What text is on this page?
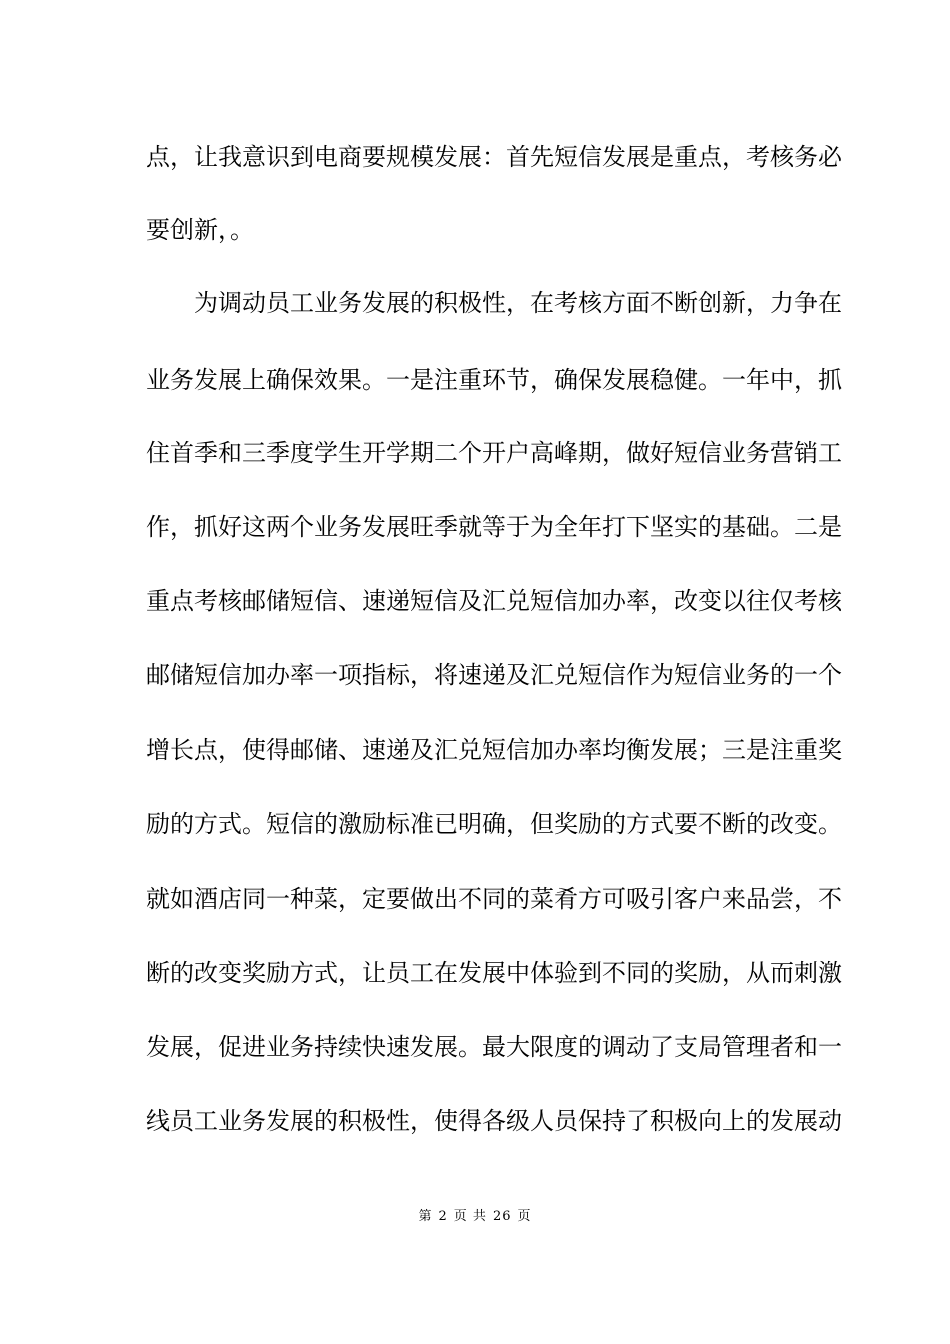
点，让我意识到电商要规模发展：首先短信发展是重点，考核务必
要创新，。
为调动员工业务发展的积极性，在考核方面不断创新，力争在
业务发展上确保效果。一是注重环节，确保发展稳健。一年中，抓
住首季和三季度学生开学期二个开户高峰期，做好短信业务营销工
作，抓好这两个业务发展旺季就等于为全年打下坚实的基础。二是
重点考核邮储短信、速递短信及汇兑短信加办率，改变以往仅考核
邮储短信加办率一项指标，将速递及汇兑短信作为短信业务的一个
增长点，使得邮储、速递及汇兑短信加办率均衡发展；三是注重奖
励的方式。短信的激励标准已明确，但奖励的方式要不断的改变。
就如酒店同一种菜，定要做出不同的菜肴方可吸引客户来品尝，不
断的改变奖励方式，让员工在发展中体验到不同的奖励，从而刺激
发展，促进业务持续快速发展。最大限度的调动了支局管理者和一
线员工业务发展的积极性，使得各级人员保持了积极向上的发展动
第 2 页 共 26 页
